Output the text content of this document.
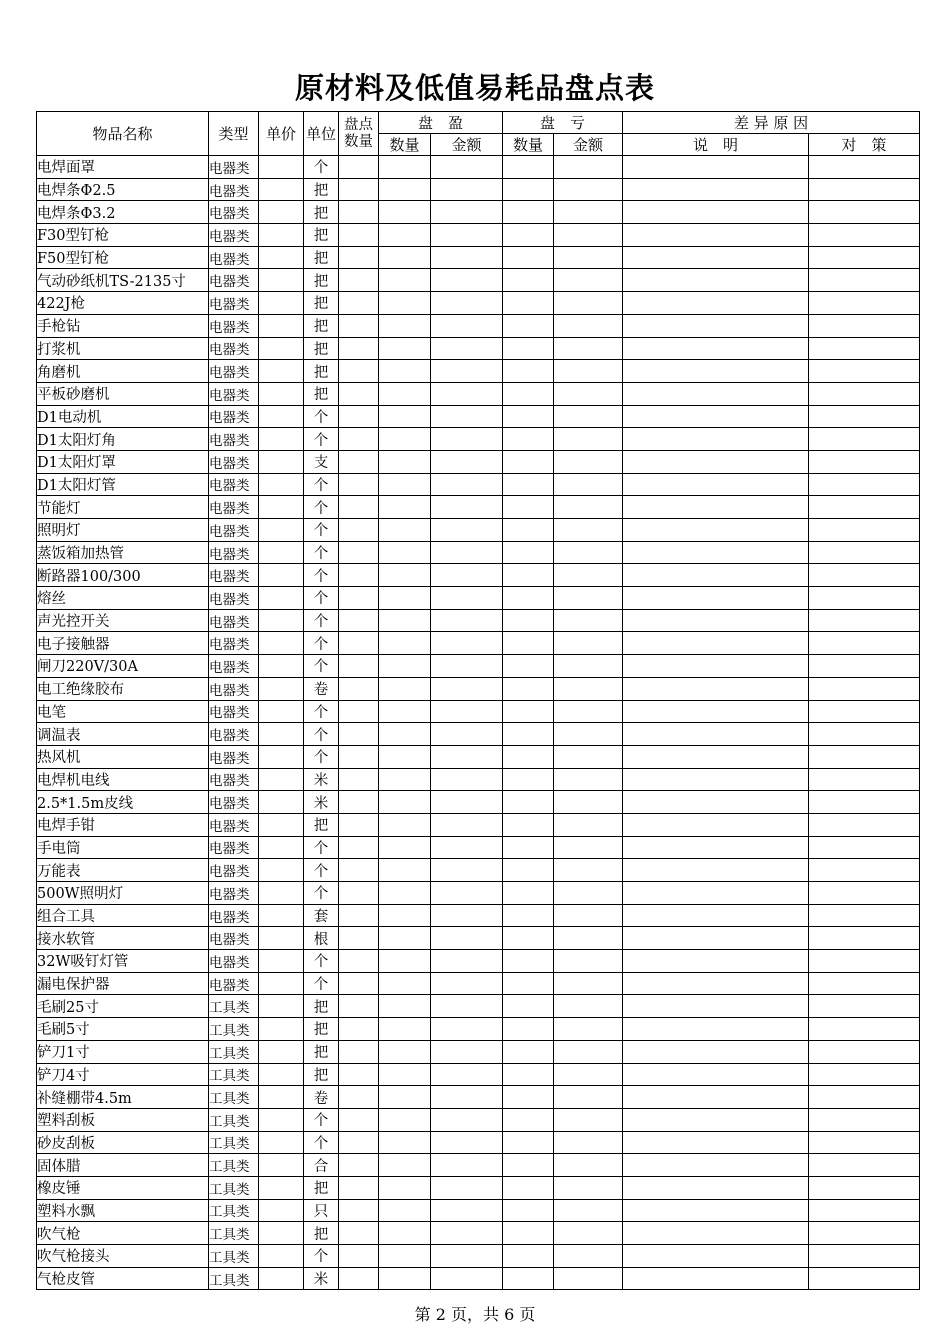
原材料及低值易耗品盘点表
物品名称	类型	单价	单位	盘点数量	盘　盈		盘　亏		差 异 原 因	
					数量	金额	数量	金额	说　明	对　策
电焊面罩	电器类		个							
电焊条Φ2.5	电器类		把							
电焊条Φ3.2	电器类		把							
F30型钉枪	电器类		把							
F50型钉枪	电器类		把							
气动砂纸机TS-2135寸	电器类		把							
422J枪	电器类		把							
手枪钻	电器类		把							
打浆机	电器类		把							
角磨机	电器类		把							
平板砂磨机	电器类		把							
D1电动机	电器类		个							
D1太阳灯角	电器类		个							
D1太阳灯罩	电器类		支							
D1太阳灯管	电器类		个							
节能灯	电器类		个							
照明灯	电器类		个							
蒸饭箱加热管	电器类		个							
断路器100/300	电器类		个							
熔丝	电器类		个							
声光控开关	电器类		个							
电子接触器	电器类		个							
闸刀220V/30A	电器类		个							
电工绝缘胶布	电器类		卷							
电笔	电器类		个							
调温表	电器类		个							
热风机	电器类		个							
电焊机电线	电器类		米							
2.5*1.5m皮线	电器类		米							
电焊手钳	电器类		把							
手电筒	电器类		个							
万能表	电器类		个							
500W照明灯	电器类		个							
组合工具	电器类		套							
接水软管	电器类		根							
32W吸钉灯管	电器类		个							
漏电保护器	电器类		个							
毛刷25寸	工具类		把							
毛刷5寸	工具类		把							
铲刀1寸	工具类		把							
铲刀4寸	工具类		把							
补缝棚带4.5m	工具类		卷							
塑料刮板	工具类		个							
砂皮刮板	工具类		个							
固体腊	工具类		合							
橡皮锤	工具类		把							
塑料水飘	工具类		只							
吹气枪	工具类		把							
吹气枪接头	工具类		个							
气枪皮管	工具类		米							
第 2 页，共 6 页
